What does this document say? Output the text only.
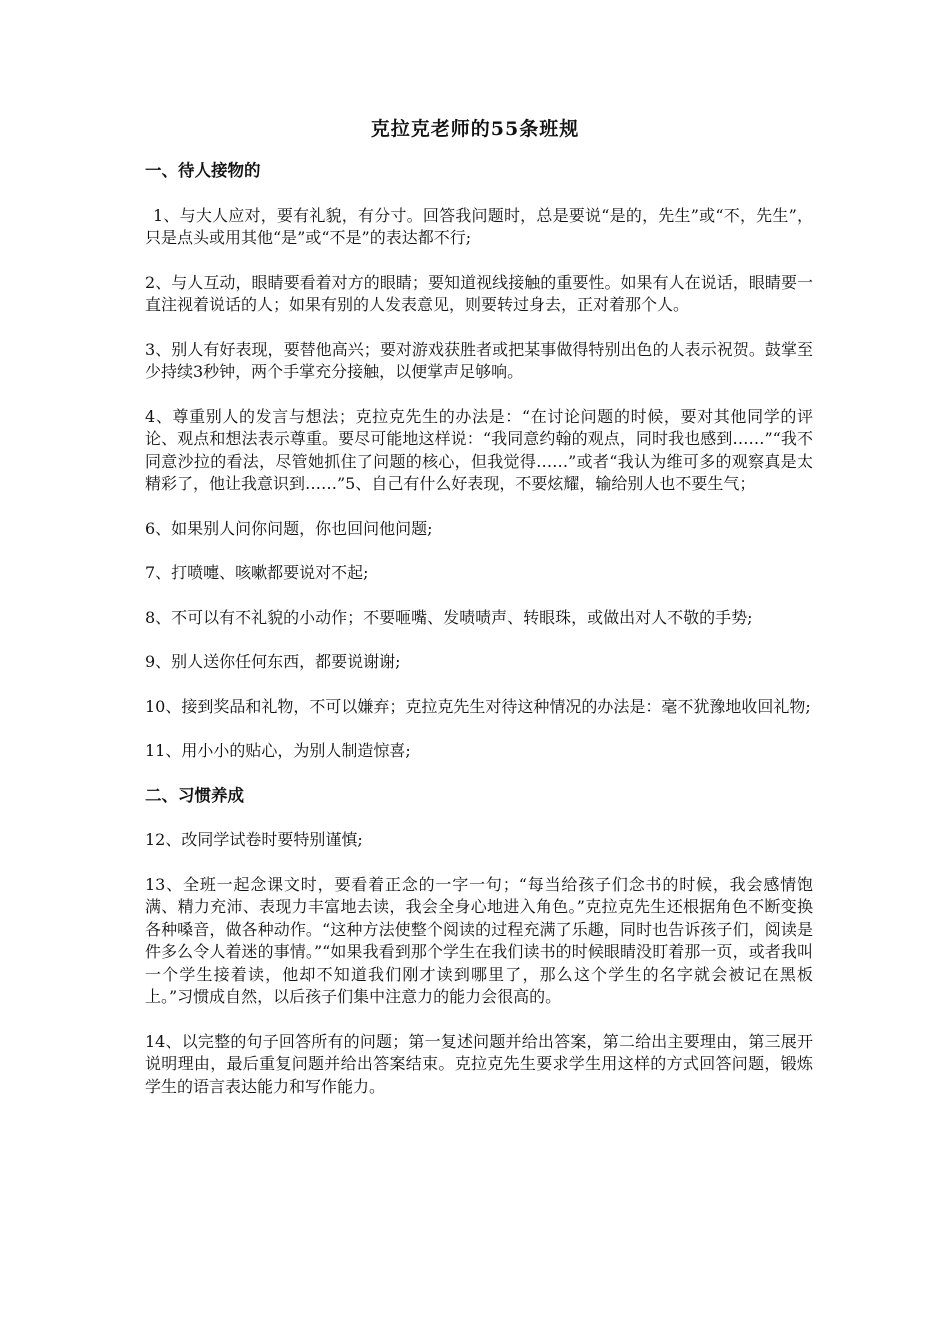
克拉克老师的55条班规

一、待人接物的

1、与大人应对，要有礼貌，有分寸。回答我问题时，总是要说“是的，先生”或“不，先生”，只是点头或用其他“是”或“不是”的表达都不行;

2、与人互动，眼睛要看着对方的眼睛；要知道视线接触的重要性。如果有人在说话，眼睛要一直注视着说话的人；如果有别的人发表意见，则要转过身去，正对着那个人。

3、别人有好表现，要替他高兴；要对游戏获胜者或把某事做得特别出色的人表示祝贺。鼓掌至少持续3秒钟，两个手掌充分接触，以便掌声足够响。

4、尊重别人的发言与想法；克拉克先生的办法是：“在讨论问题的时候，要对其他同学的评论、观点和想法表示尊重。要尽可能地这样说：“我同意约翰的观点，同时我也感到……”“我不同意沙拉的看法，尽管她抓住了问题的核心，但我觉得……”或者“我认为维可多的观察真是太精彩了，他让我意识到……”5、自己有什么好表现，不要炫耀，输给别人也不要生气；

6、如果别人问你问题，你也回问他问题;

7、打喷嚏、咳嗽都要说对不起;

8、不可以有不礼貌的小动作；不要咂嘴、发啧啧声、转眼珠，或做出对人不敬的手势;

9、别人送你任何东西，都要说谢谢;

10、接到奖品和礼物，不可以嫌弃；克拉克先生对待这种情况的办法是：毫不犹豫地收回礼物;

11、用小小的贴心，为别人制造惊喜;

二、习惯养成

12、改同学试卷时要特别谨慎;

13、全班一起念课文时，要看着正念的一字一句；“每当给孩子们念书的时候，我会感情饱满、精力充沛、表现力丰富地去读，我会全身心地进入角色。”克拉克先生还根据角色不断变换各种嗓音，做各种动作。“这种方法使整个阅读的过程充满了乐趣，同时也告诉孩子们，阅读是件多么令人着迷的事情。”“如果我看到那个学生在我们读书的时候眼睛没盯着那一页，或者我叫一个学生接着读，他却不知道我们刚才读到哪里了，那么这个学生的名字就会被记在黑板上。”习惯成自然，以后孩子们集中注意力的能力会很高的。

14、以完整的句子回答所有的问题；第一复述问题并给出答案，第二给出主要理由，第三展开说明理由，最后重复问题并给出答案结束。克拉克先生要求学生用这样的方式回答问题，锻炼学生的语言表达能力和写作能力。
